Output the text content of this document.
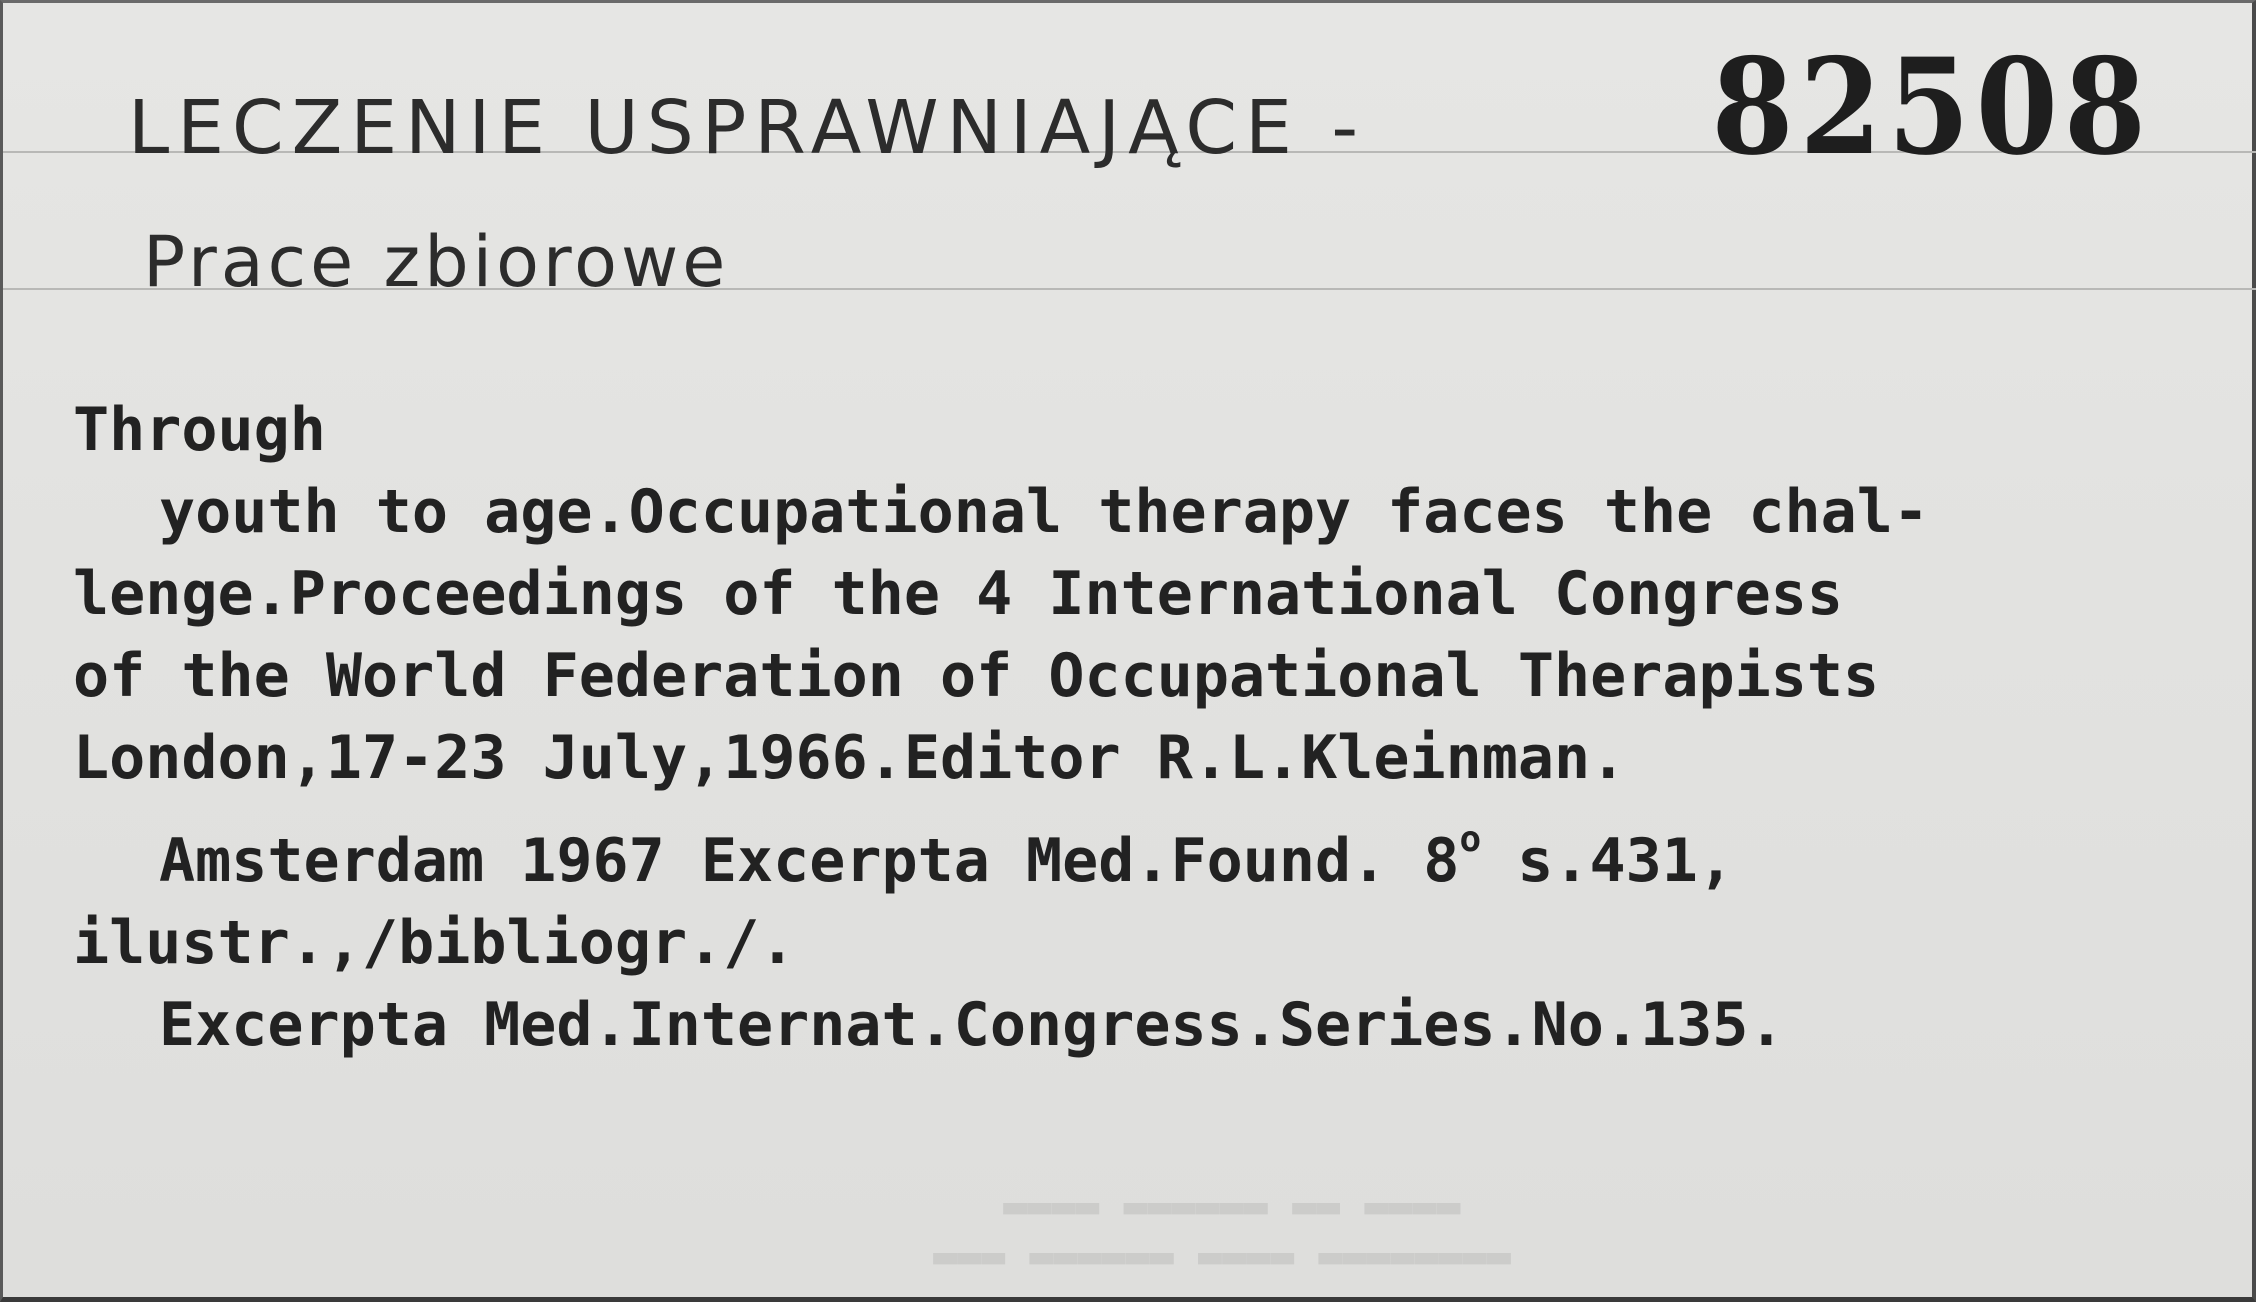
LECZENIE USPRAWNIAJĄCE -
Prace zbiorowe
82508
▬▬▬▬ ▬▬ ▬▬▬▬▬▬ ▬▬▬▬
▬▬▬▬▬▬▬▬ ▬▬▬▬ ▬▬▬▬▬▬ ▬▬▬
Through
youth to age.Occupational therapy faces the chal-
lenge.Proceedings of the 4 International Congress
of the World Federation of Occupational Therapists
London,17-23 July,1966.Editor R.L.Kleinman.
Amsterdam 1967 Excerpta Med.Found. 8$^o$ s.431,
ilustr.,/bibliogr./.
Excerpta Med.Internat.Congress.Series.No.135.
